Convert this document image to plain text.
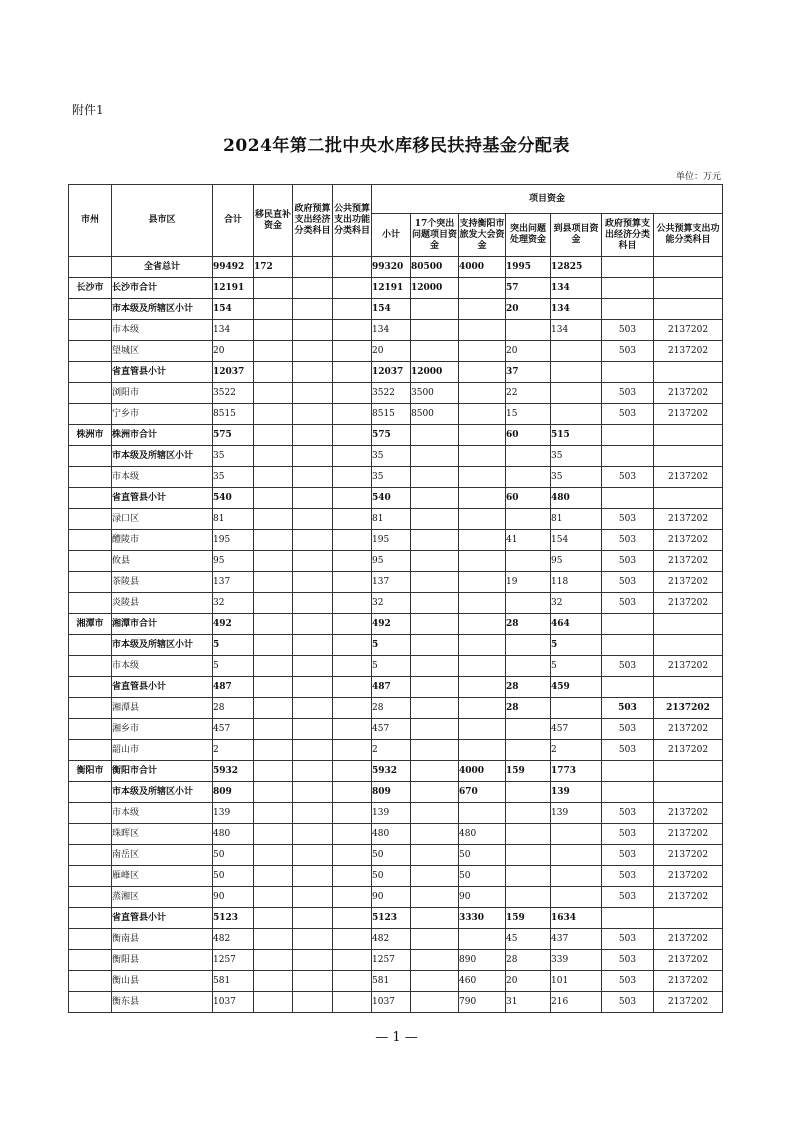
附件1
2024年第二批中央水库移民扶持基金分配表
单位：万元
市州	县市区	合计	移民直补资金	政府预算支出经济分类科目	公共预算支出功能分类科目	项目资金						
						小计	17个突出问题项目资金	支持衡阳市旅发大会资金	突出问题处理资金	到县项目资金	政府预算支出经济分类科目	公共预算支出功能分类科目
	全省总计	99492	172			99320	80500	4000	1995	12825		
长沙市	长沙市合计	12191				12191	12000		57	134		
	市本级及所辖区小计	154				154			20	134		
	市本级	134				134				134	503	2137202
	望城区	20				20			20		503	2137202
	省直管县小计	12037				12037	12000		37			
	浏阳市	3522				3522	3500		22		503	2137202
	宁乡市	8515				8515	8500		15		503	2137202
株洲市	株洲市合计	575				575			60	515		
	市本级及所辖区小计	35				35				35		
	市本级	35				35				35	503	2137202
	省直管县小计	540				540			60	480		
	渌口区	81				81				81	503	2137202
	醴陵市	195				195			41	154	503	2137202
	攸县	95				95				95	503	2137202
	茶陵县	137				137			19	118	503	2137202
	炎陵县	32				32				32	503	2137202
湘潭市	湘潭市合计	492				492			28	464		
	市本级及所辖区小计	5				5				5		
	市本级	5				5				5	503	2137202
	省直管县小计	487				487			28	459		
	湘潭县	28				28			28		503	2137202
	湘乡市	457				457				457	503	2137202
	韶山市	2				2				2	503	2137202
衡阳市	衡阳市合计	5932				5932		4000	159	1773		
	市本级及所辖区小计	809				809		670		139		
	市本级	139				139				139	503	2137202
	珠晖区	480				480		480			503	2137202
	南岳区	50				50		50			503	2137202
	雁峰区	50				50		50			503	2137202
	蒸湘区	90				90		90			503	2137202
	省直管县小计	5123				5123		3330	159	1634		
	衡南县	482				482			45	437	503	2137202
	衡阳县	1257				1257		890	28	339	503	2137202
	衡山县	581				581		460	20	101	503	2137202
	衡东县	1037				1037		790	31	216	503	2137202
— 1 —
